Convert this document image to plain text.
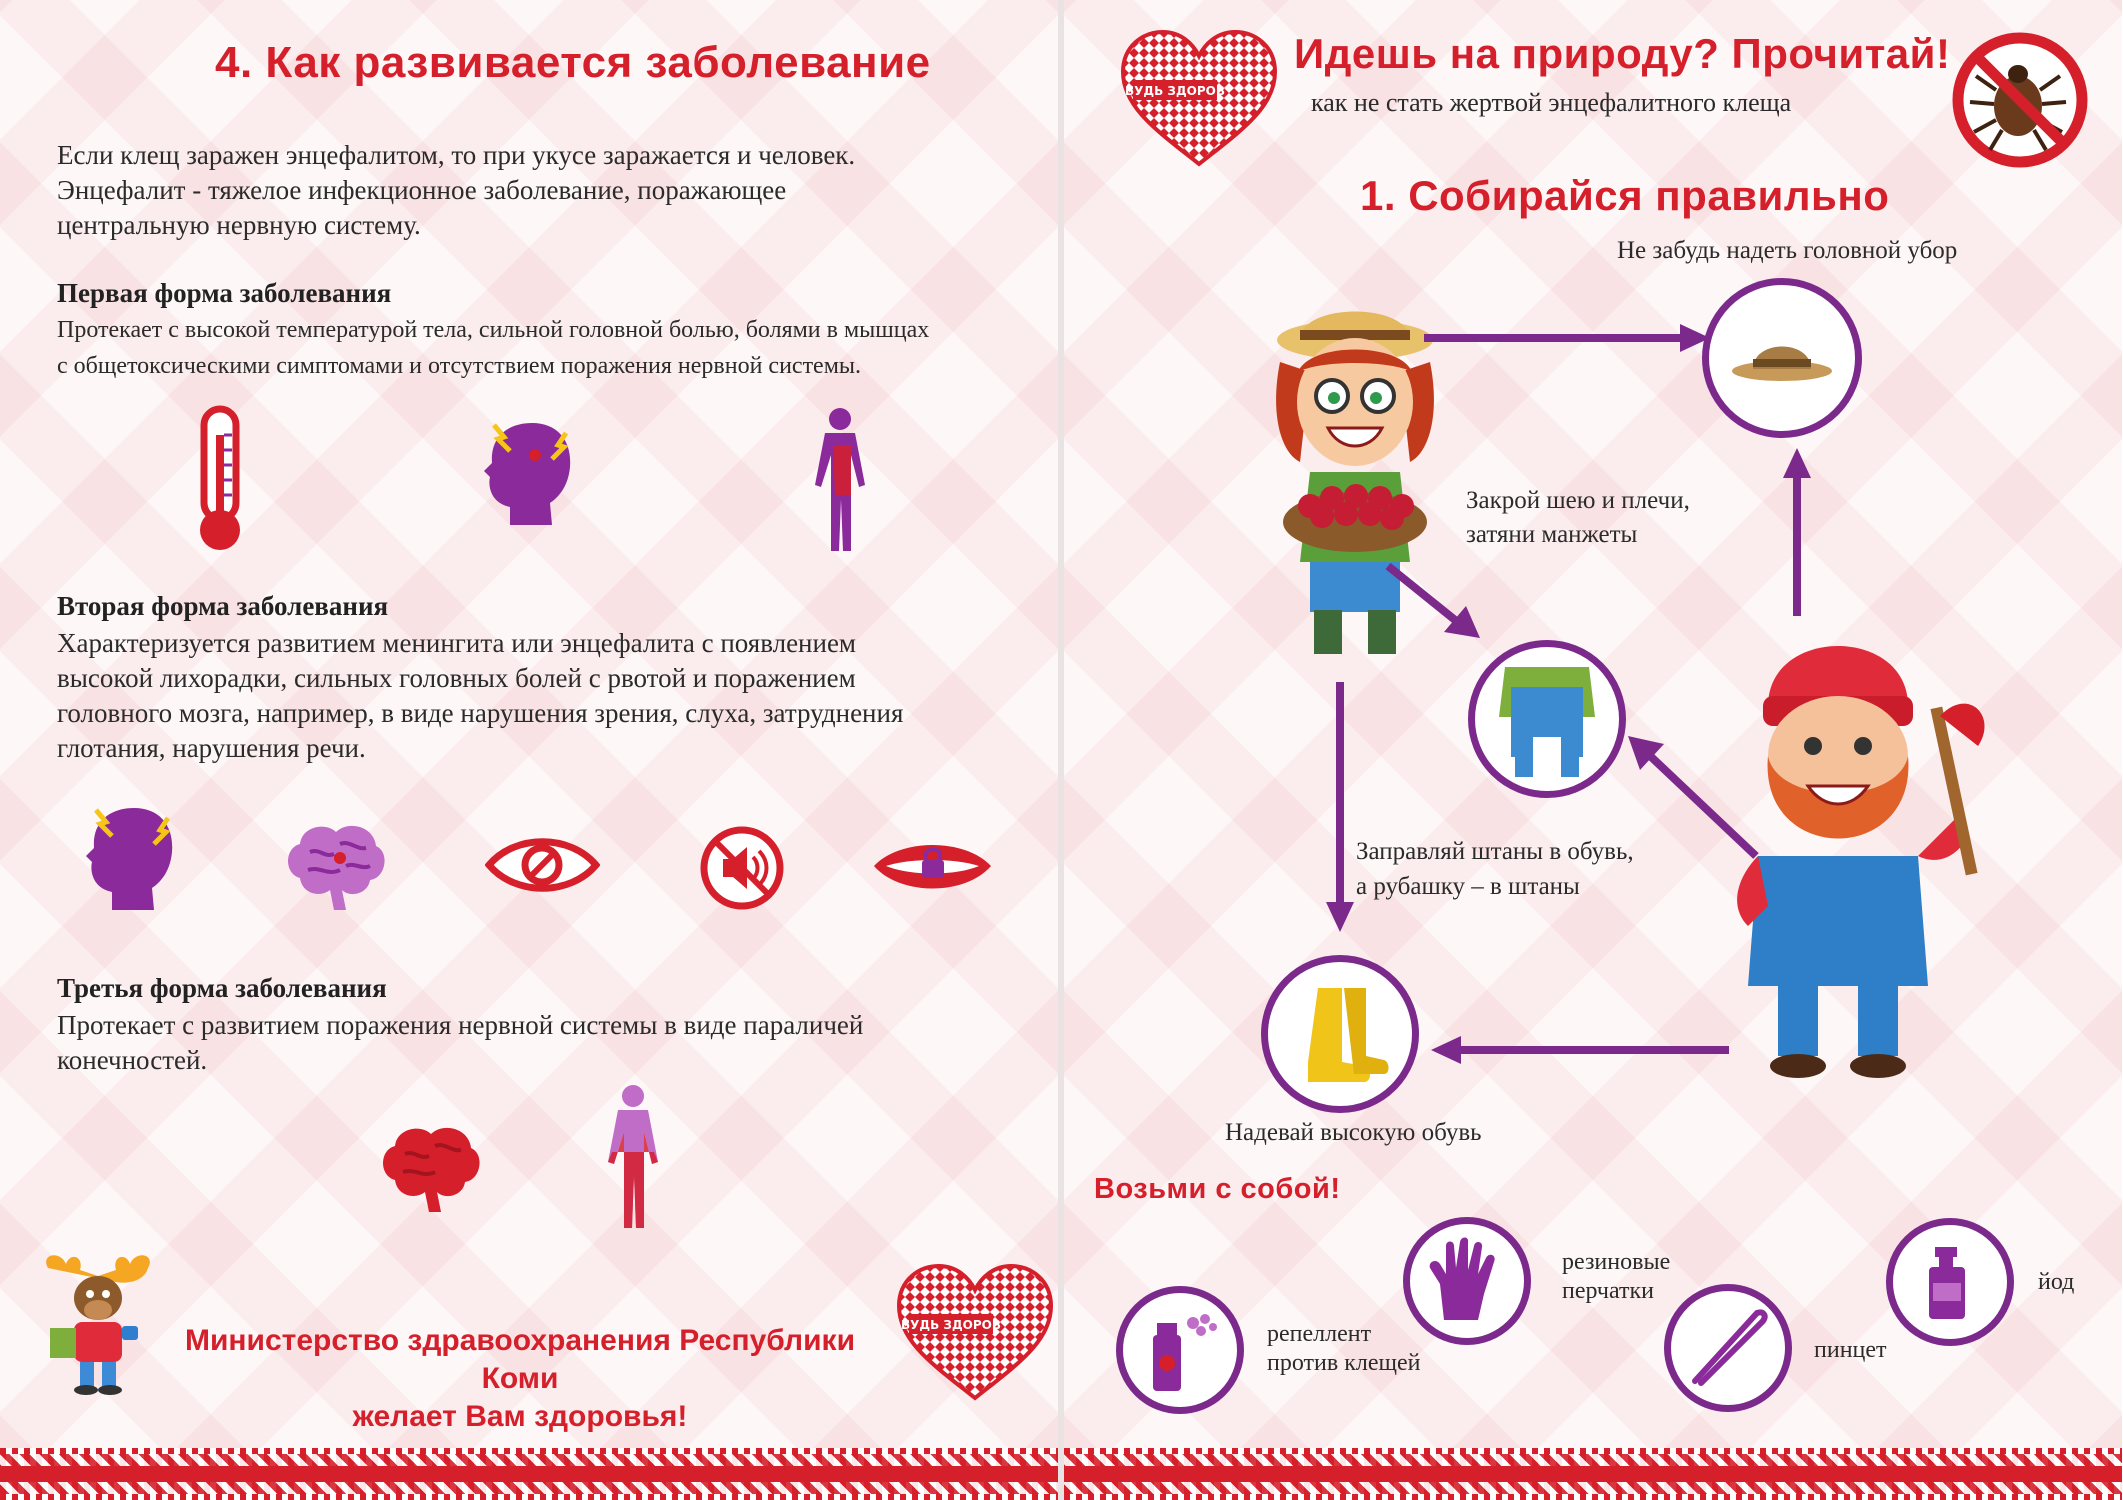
4. Как развивается заболевание

Если клещ заражен энцефалитом, то при укусе заражается и человек.

Энцефалит - тяжелое инфекционное заболевание, поражающее

центральную нервную систему.

Первая форма заболевания

Протекает с высокой температурой тела, сильной головной болью, болями в мышцах

с общетоксическими симптомами и отсутствием поражения нервной системы.

Вторая форма заболевания

Характеризуется развитием менингита или энцефалита с появлением

высокой лихорадки, сильных головных болей с рвотой и поражением

головного мозга, например, в виде нарушения зрения, слуха, затруднения

глотания, нарушения речи.

Третья форма заболевания

Протекает с развитием поражения нервной системы в виде параличей

конечностей.

Министерство здравоохранения Республики Коми
желает Вам здоровья!
БУДЬ ЗДОРОВ
БУДЬ ЗДОРОВ
Идешь на природу? Прочитай!
как не стать жертвой энцефалитного клеща
1. Собирайся правильно
Не забудь надеть головной убор
Закрой шею и плечи,
затяни манжеты
Заправляй штаны в обувь,
а рубашку – в штаны
Надевай высокую обувь
Возьми с собой!
репеллент
против клещей
резиновые
перчатки
пинцет
йод
